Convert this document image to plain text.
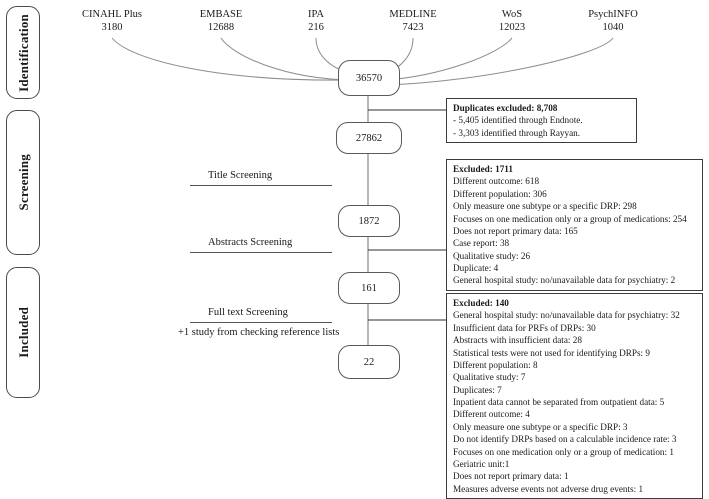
Identification
Screening
Included
CINAHL Plus
3180
EMBASE
12688
IPA
216
MEDLINE
7423
WoS
12023
PsychINFO
1040
36570
27862
1872
161
22
Title Screening
Abstracts Screening
Full text Screening
+1 study from checking reference lists
Duplicates excluded: 8,708
- 5,405 identified through Endnote.
- 3,303 identified through Rayyan.
Excluded: 1711
Different outcome: 618
Different population: 306
Only measure one subtype or a specific DRP: 298
Focuses on one medication only or a group of medications: 254
Does not report primary data: 165
Case report: 38
Qualitative study: 26
Duplicate: 4
General hospital study: no/unavailable data for psychiatry: 2
Excluded: 140
General hospital study: no/unavailable data for psychiatry: 32
Insufficient data for PRFs of DRPs: 30
Abstracts with insufficient data: 28
Statistical tests were not used for identifying DRPs: 9
Different population: 8
Qualitative study: 7
Duplicates: 7
Inpatient data cannot be separated from outpatient data: 5
Different outcome: 4
Only measure one subtype or a specific DRP: 3
Do not identify DRPs based on a calculable incidence rate: 3
Focuses on one medication only or a group of medication: 1
Geriatric unit:1
Does not report primary data: 1
Measures adverse events not adverse drug events: 1
